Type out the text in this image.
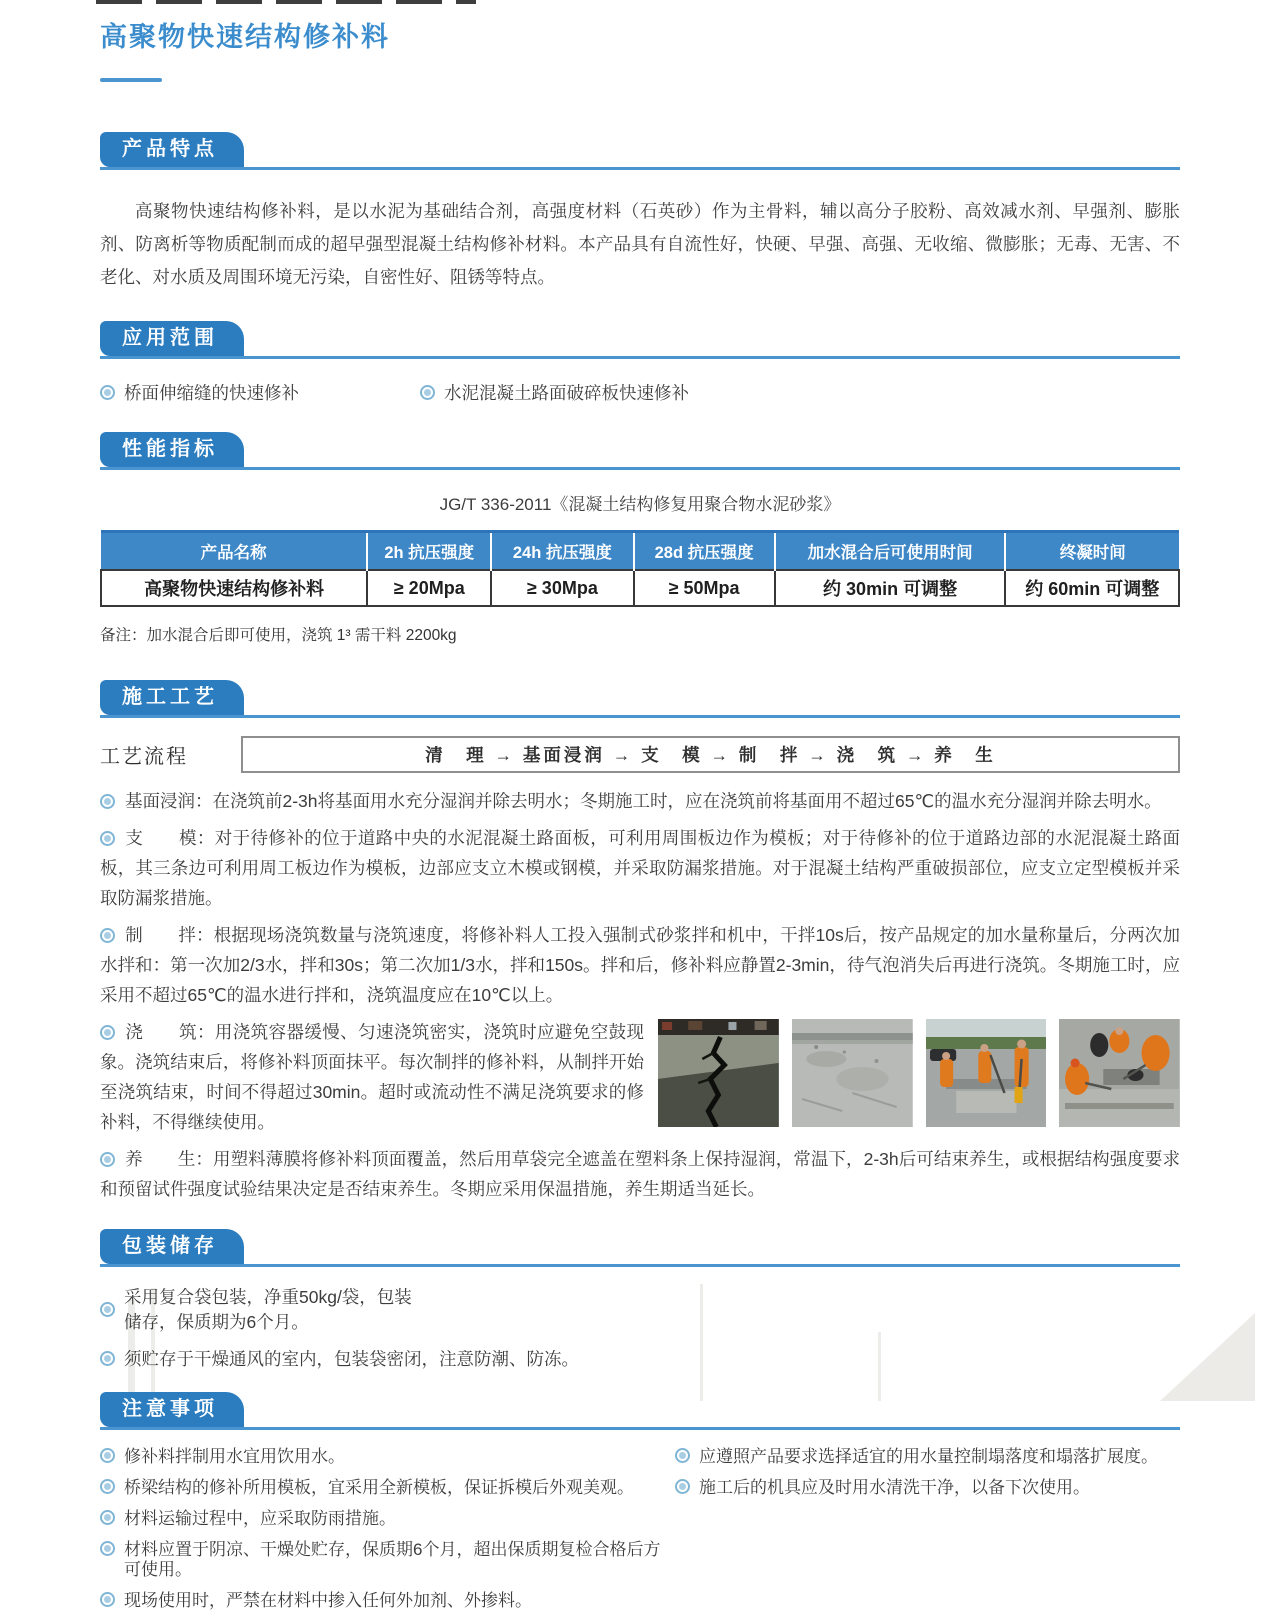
高聚物快速结构修补料
产品特点

高聚物快速结构修补料，是以水泥为基础结合剂，高强度材料（石英砂）作为主骨料，辅以高分子胶粉、高效减水剂、早强剂、膨胀剂、防离析等物质配制而成的超早强型混凝土结构修补材料。本产品具有自流性好，快硬、早强、高强、无收缩、微膨胀；无毒、无害、不老化、对水质及周围环境无污染，自密性好、阻锈等特点。

应用范围
桥面伸缩缝的快速修补	水泥混凝土路面破碎板快速修补
性能指标
JG/T 336-2011《混凝土结构修复用聚合物水泥砂浆》
产品名称	2h 抗压强度	24h 抗压强度	28d 抗压强度	加水混合后可使用时间	终凝时间
高聚物快速结构修补料	≥ 20Mpa	≥ 30Mpa	≥ 50Mpa	约 30min 可调整	约 60min 可调整
备注：加水混合后即可使用，浇筑 1³ 需干料 2200kg
施工工艺
工艺流程	清　理 → 基面浸润 → 支　模 → 制　拌 → 浇　筑 → 养　生

基面浸润：在浇筑前2-3h将基面用水充分湿润并除去明水；冬期施工时，应在浇筑前将基面用不超过65℃的温水充分湿润并除去明水。

支　　模：对于待修补的位于道路中央的水泥混凝土路面板，可利用周围板边作为模板；对于待修补的位于道路边部的水泥混凝土路面板，其三条边可利用周工板边作为模板，边部应支立木模或钢模，并采取防漏浆措施。对于混凝土结构严重破损部位，应支立定型模板并采取防漏浆措施。

制　　拌：根据现场浇筑数量与浇筑速度，将修补料人工投入强制式砂浆拌和机中，干拌10s后，按产品规定的加水量称量后，分两次加水拌和：第一次加2/3水，拌和30s；第二次加1/3水，拌和150s。拌和后，修补料应静置2-3min，待气泡消失后再进行浇筑。冬期施工时，应采用不超过65℃的温水进行拌和，浇筑温度应在10℃以上。

浇　　筑：用浇筑容器缓慢、匀速浇筑密实，浇筑时应避免空鼓现象。浇筑结束后，将修补料顶面抹平。每次制拌的修补料，从制拌开始至浇筑结束，时间不得超过30min。超时或流动性不满足浇筑要求的修补料，不得继续使用。

养　　生：用塑料薄膜将修补料顶面覆盖，然后用草袋完全遮盖在塑料条上保持湿润，常温下，2-3h后可结束养生，或根据结构强度要求和预留试件强度试验结果决定是否结束养生。冬期应采用保温措施，养生期适当延长。

包装储存
采用复合袋包装，净重50kg/袋，包装储存，保质期为6个月。
须贮存于干燥通风的室内，包装袋密闭，注意防潮、防冻。
注意事项
修补料拌制用水宜用饮用水。
桥梁结构的修补所用模板，宜采用全新模板，保证拆模后外观美观。
材料运输过程中，应采取防雨措施。
材料应置于阴凉、干燥处贮存，保质期6个月，超出保质期复检合格后方可使用。
现场使用时，严禁在材料中掺入任何外加剂、外掺料。
应遵照产品要求选择适宜的用水量控制塌落度和塌落扩展度。
施工后的机具应及时用水清洗干净，以备下次使用。
